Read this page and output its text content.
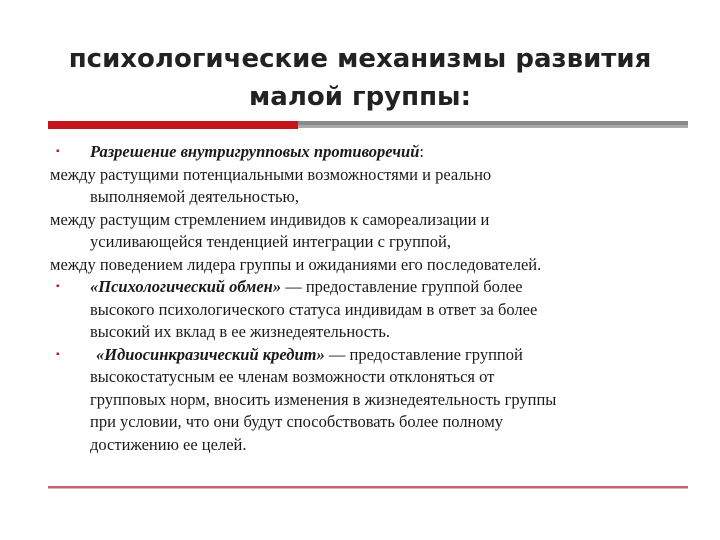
психологические механизмы развития
малой группы:
▪ Разрешение внутригрупповых противоречий:
между растущими потенциальными возможностями и реально
выполняемой деятельностью,
между растущим стремлением индивидов к самореализации и
усиливающейся тенденцией интеграции с группой,
между поведением лидера группы и ожиданиями его последователей.
▪ «Психологический обмен» — предоставление группой более
высокого психологического статуса индивидам в ответ за более
высокий их вклад в ее жизнедеятельность.
▪	«Идиосинкразический кредит» — предоставление группой
высокостатусным ее членам возможности отклоняться от
групповых норм, вносить изменения в жизнедеятельность группы
при условии, что они будут способствовать более полному
достижению ее целей.
